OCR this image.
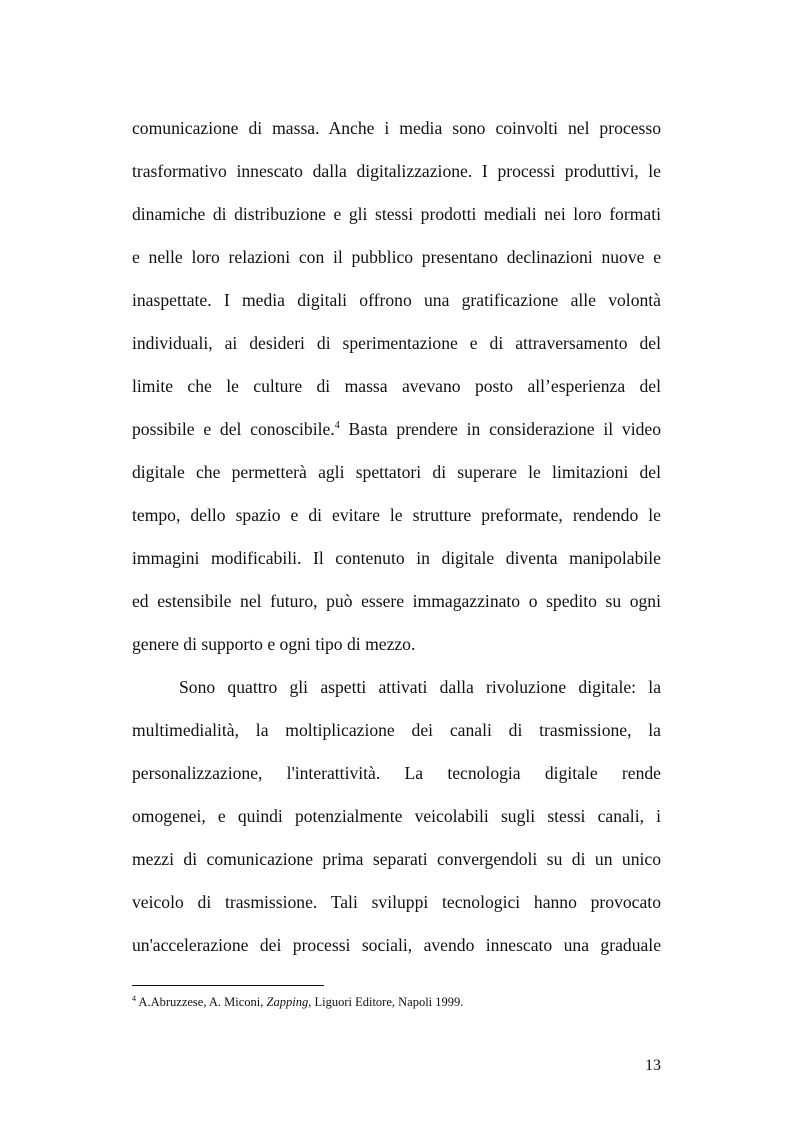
comunicazione di massa. Anche i media sono coinvolti nel processo
trasformativo innescato dalla digitalizzazione. I processi produttivi, le
dinamiche di distribuzione e gli stessi prodotti mediali nei loro formati
e nelle loro relazioni con il pubblico presentano declinazioni nuove e
inaspettate. I media digitali offrono una gratificazione alle volontà
individuali, ai desideri di sperimentazione e di attraversamento del
limite che le culture di massa avevano posto all’esperienza del
possibile e del conoscibile.$^4$ Basta prendere in considerazione il video
digitale che permetterà agli spettatori di superare le limitazioni del
tempo, dello spazio e di evitare le strutture preformate, rendendo le
immagini modificabili. Il contenuto in digitale diventa manipolabile
ed estensibile nel futuro, può essere immagazzinato o spedito su ogni
genere di supporto e ogni tipo di mezzo.
Sono quattro gli aspetti attivati dalla rivoluzione digitale: la
multimedialità, la moltiplicazione dei canali di trasmissione, la
personalizzazione, l'interattività. La tecnologia digitale rende
omogenei, e quindi potenzialmente veicolabili sugli stessi canali, i
mezzi di comunicazione prima separati convergendoli su di un unico
veicolo di trasmissione. Tali sviluppi tecnologici hanno provocato
un'accelerazione dei processi sociali, avendo innescato una graduale
$^4$ A.Abruzzese, A. Miconi, Zapping, Liguori Editore, Napoli 1999.
13
